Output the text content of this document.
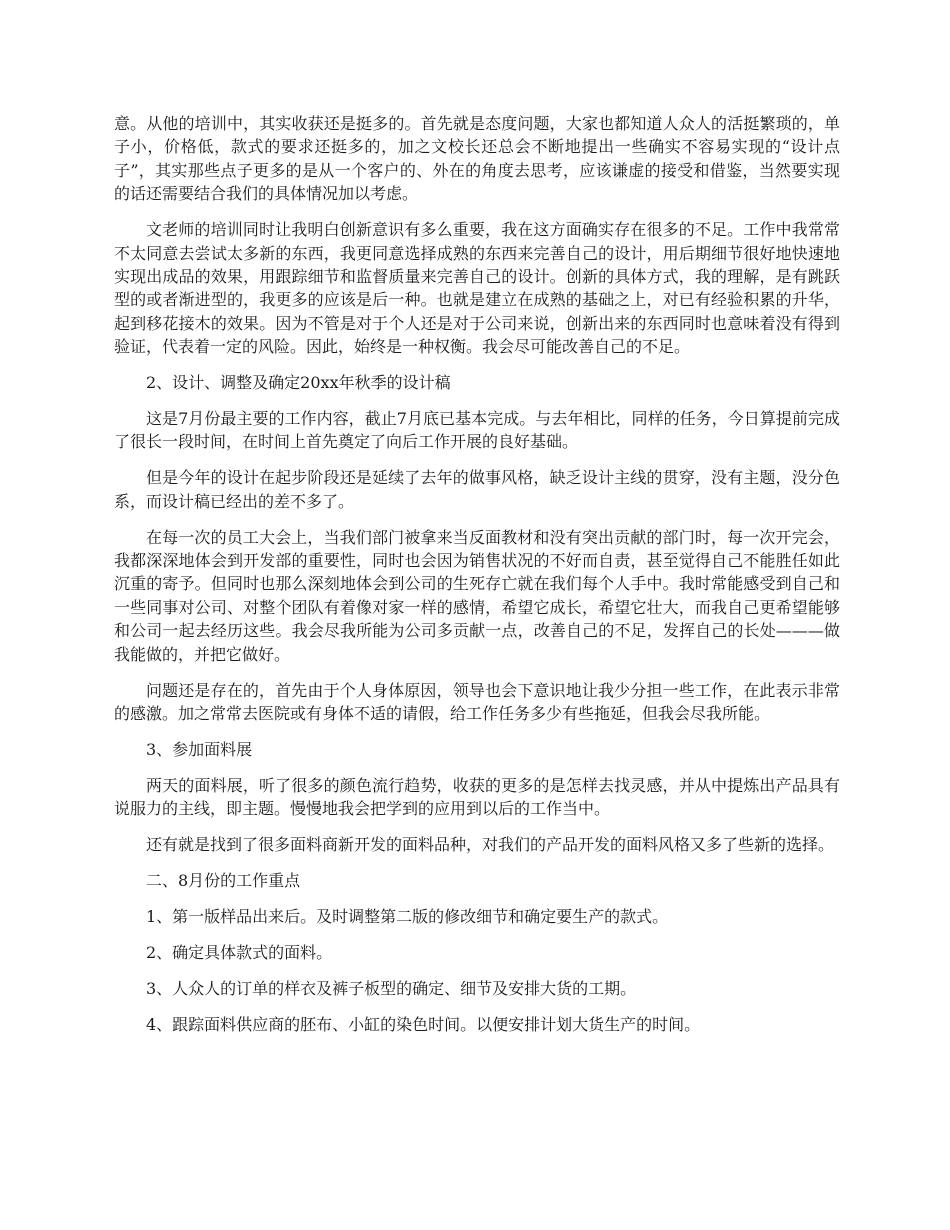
意。从他的培训中，其实收获还是挺多的。首先就是态度问题，大家也都知道人众人的活挺繁琐的，单子小，价格低，款式的要求还挺多的，加之文校长还总会不断地提出一些确实不容易实现的“设计点子”，其实那些点子更多的是从一个客户的、外在的角度去思考，应该谦虚的接受和借鉴，当然要实现的话还需要结合我们的具体情况加以考虑。

文老师的培训同时让我明白创新意识有多么重要，我在这方面确实存在很多的不足。工作中我常常不太同意去尝试太多新的东西，我更同意选择成熟的东西来完善自己的设计，用后期细节很好地快速地实现出成品的效果，用跟踪细节和监督质量来完善自己的设计。创新的具体方式，我的理解，是有跳跃型的或者渐进型的，我更多的应该是后一种。也就是建立在成熟的基础之上，对已有经验积累的升华，起到移花接木的效果。因为不管是对于个人还是对于公司来说，创新出来的东西同时也意味着没有得到验证，代表着一定的风险。因此，始终是一种权衡。我会尽可能改善自己的不足。

2、设计、调整及确定20xx年秋季的设计稿

这是7月份最主要的工作内容，截止7月底已基本完成。与去年相比，同样的任务，今日算提前完成了很长一段时间，在时间上首先奠定了向后工作开展的良好基础。

但是今年的设计在起步阶段还是延续了去年的做事风格，缺乏设计主线的贯穿，没有主题，没分色系，而设计稿已经出的差不多了。

在每一次的员工大会上，当我们部门被拿来当反面教材和没有突出贡献的部门时，每一次开完会，我都深深地体会到开发部的重要性，同时也会因为销售状况的不好而自责，甚至觉得自己不能胜任如此沉重的寄予。但同时也那么深刻地体会到公司的生死存亡就在我们每个人手中。我时常能感受到自己和一些同事对公司、对整个团队有着像对家一样的感情，希望它成长，希望它壮大，而我自己更希望能够和公司一起去经历这些。我会尽我所能为公司多贡献一点，改善自己的不足，发挥自己的长处———做我能做的，并把它做好。

问题还是存在的，首先由于个人身体原因，领导也会下意识地让我少分担一些工作，在此表示非常的感激。加之常常去医院或有身体不适的请假，给工作任务多少有些拖延，但我会尽我所能。

3、参加面料展

两天的面料展，听了很多的颜色流行趋势，收获的更多的是怎样去找灵感，并从中提炼出产品具有说服力的主线，即主题。慢慢地我会把学到的应用到以后的工作当中。

还有就是找到了很多面料商新开发的面料品种，对我们的产品开发的面料风格又多了些新的选择。

二、8月份的工作重点

1、第一版样品出来后。及时调整第二版的修改细节和确定要生产的款式。

2、确定具体款式的面料。

3、人众人的订单的样衣及裤子板型的确定、细节及安排大货的工期。

4、跟踪面料供应商的胚布、小缸的染色时间。以便安排计划大货生产的时间。
